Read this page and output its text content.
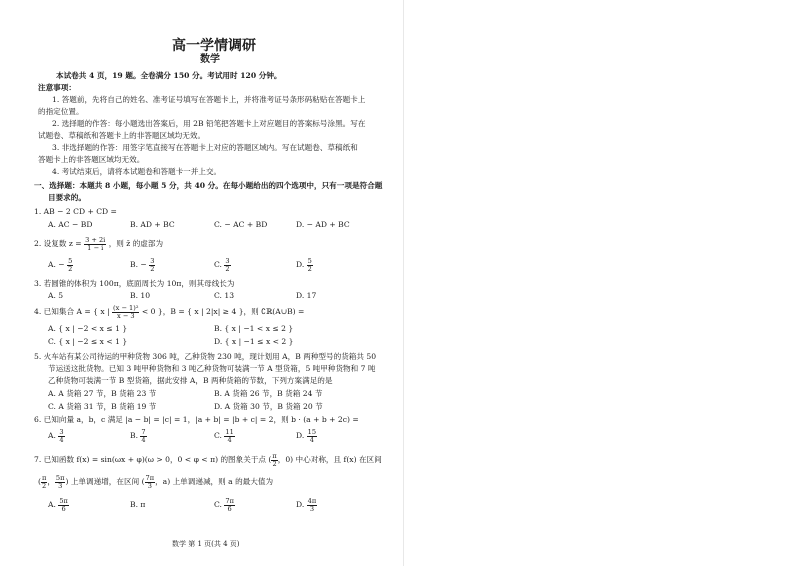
高一学情调研
数学
本试卷共 4 页，19 题。全卷满分 150 分。考试用时 120 分钟。
注意事项：
1. 答题前，先将自己的姓名、准考证号填写在答题卡上，并将准考证号条形码粘贴在答题卡上
的指定位置。
2. 选择题的作答：每小题选出答案后，用 2B 铅笔把答题卡上对应题目的答案标号涂黑。写在
试题卷、草稿纸和答题卡上的非答题区域均无效。
3. 非选择题的作答：用签字笔直接写在答题卡上对应的答题区域内。写在试题卷、草稿纸和
答题卡上的非答题区域均无效。
4. 考试结束后，请将本试题卷和答题卡一并上交。
一、选择题：本题共 8 小题，每小题 5 分，共 40 分。在每小题给出的四个选项中，只有一项是符合题
目要求的。
1. AB − 2 CD + CD =
A. AC − BD	B. AD + BC	C. − AC + BD	D. − AD + BC
2. 设复数 $z = \frac{3 + 2i}{1 - i}$ ，则 z̄ 的虚部为
A. − $\frac{5}{2}$	B. − $\frac{3}{2}$	C. $\frac{3}{2}$	D. $\frac{5}{2}$
3. 若圆锥的体积为 100π，底面周长为 10π，则其母线长为
A. 5	B. 10	C. 13	D. 17
4. 已知集合 A = { x | $\frac{\text{(x − 1)²}}{x - 3} < 0$ }，B = { x | 2|x| ≥ 4 }，则 ∁ℝ(A∪B) =
A. { x | −2 < x ≤ 1 }	B. { x | −1 < x ≤ 2 }
C. { x | −2 ≤ x < 1 }	D. { x | −1 ≤ x < 2 }
5. 火车站有某公司待运的甲种货物 306 吨，乙种货物 230 吨，现计划用 A，B 两种型号的货箱共 50
节运送这批货物。已知 3 吨甲种货物和 3 吨乙种货物可装满一节 A 型货箱，5 吨甲种货物和 7 吨
乙种货物可装满一节 B 型货箱，据此安排 A，B 两种货箱的节数，下列方案满足的是
A. A 货箱 27 节，B 货箱 23 节	B. A 货箱 26 节，B 货箱 24 节
C. A 货箱 31 节，B 货箱 19 节	D. A 货箱 30 节，B 货箱 20 节
6. 已知向量 a，b，c 满足 |a − b| = |c| = 1，|a + b| = |b + c| = 2，则 b · (a + b + 2c) =
A. $\frac{3}{4}$	B. $\frac{7}{4}$	C. $\frac{11}{4}$	D. $\frac{15}{4}$
7. 已知函数 f(x) = sin(ωx + φ)(ω > 0，0 < φ < π) 的图象关于点 ( $\frac{\pi}{2}$ ，0) 中心对称，且 f(x) 在区间
( $\frac{\pi}{2}$ ， $\frac{5\pi}{3}$ ) 上单调递增，在区间 ( $\frac{7\pi}{3}$ ，a) 上单调递减，则 a 的最大值为
A. $\frac{5\pi}{6}$	B. π	C. $\frac{7\pi}{6}$	D. $\frac{4\pi}{3}$
数学 第 1 页(共 4 页)
